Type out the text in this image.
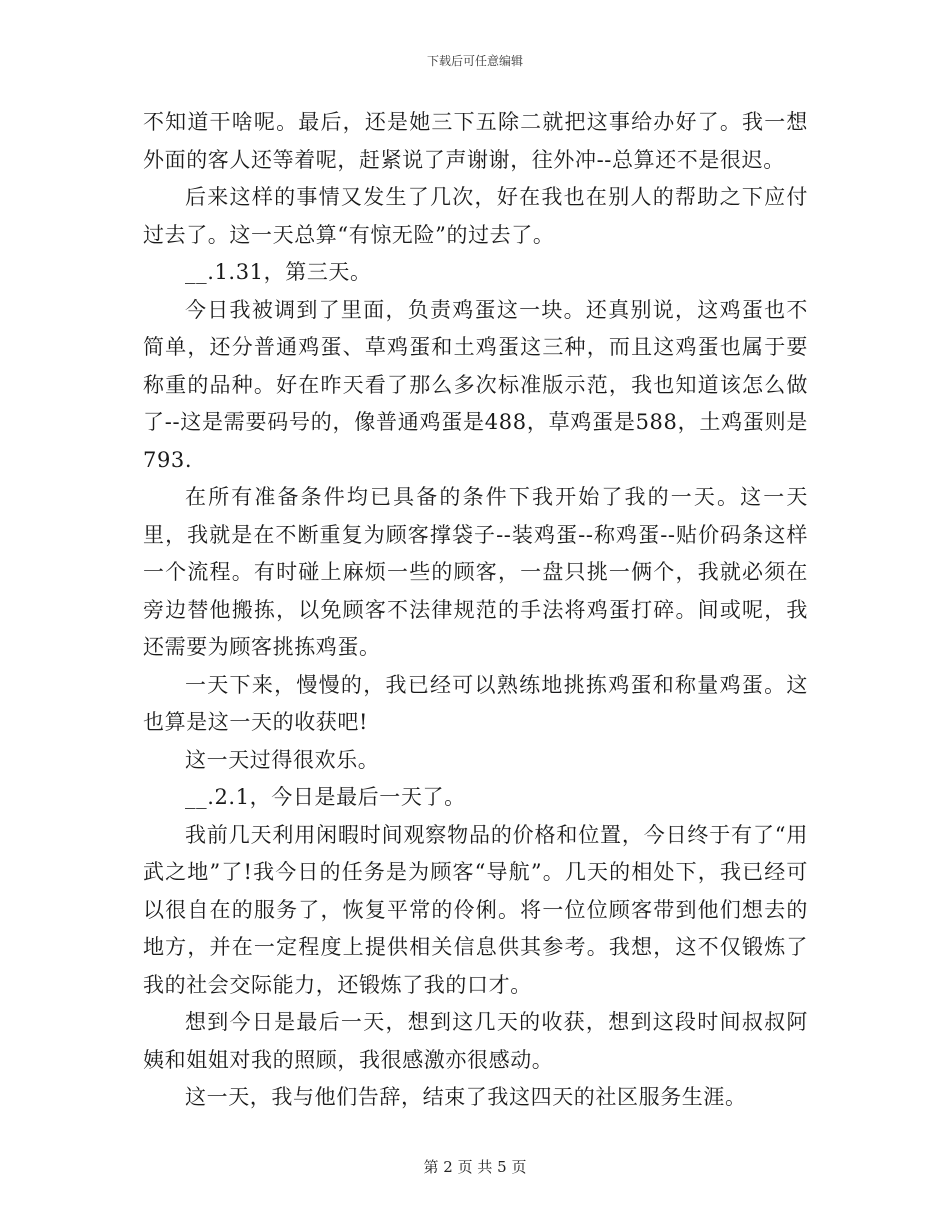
下载后可任意编辑

不知道干啥呢。最后，还是她三下五除二就把这事给办好了。我一想外面的客人还等着呢，赶紧说了声谢谢，往外冲--总算还不是很迟。

后来这样的事情又发生了几次，好在我也在别人的帮助之下应付过去了。这一天总算“有惊无险”的过去了。

__.1.31，第三天。

今日我被调到了里面，负责鸡蛋这一块。还真别说，这鸡蛋也不简单，还分普通鸡蛋、草鸡蛋和土鸡蛋这三种，而且这鸡蛋也属于要称重的品种。好在昨天看了那么多次标准版示范，我也知道该怎么做了--这是需要码号的，像普通鸡蛋是488，草鸡蛋是588，土鸡蛋则是793.

在所有准备条件均已具备的条件下我开始了我的一天。这一天里，我就是在不断重复为顾客撑袋子--装鸡蛋--称鸡蛋--贴价码条这样一个流程。有时碰上麻烦一些的顾客，一盘只挑一俩个，我就必须在旁边替他搬拣，以免顾客不法律规范的手法将鸡蛋打碎。间或呢，我还需要为顾客挑拣鸡蛋。

一天下来，慢慢的，我已经可以熟练地挑拣鸡蛋和称量鸡蛋。这也算是这一天的收获吧!

这一天过得很欢乐。

__.2.1，今日是最后一天了。

我前几天利用闲暇时间观察物品的价格和位置，今日终于有了“用武之地”了!我今日的任务是为顾客“导航”。几天的相处下，我已经可以很自在的服务了，恢复平常的伶俐。将一位位顾客带到他们想去的地方，并在一定程度上提供相关信息供其参考。我想，这不仅锻炼了我的社会交际能力，还锻炼了我的口才。

想到今日是最后一天，想到这几天的收获，想到这段时间叔叔阿姨和姐姐对我的照顾，我很感激亦很感动。

这一天，我与他们告辞，结束了我这四天的社区服务生涯。

第 2 页 共 5 页
